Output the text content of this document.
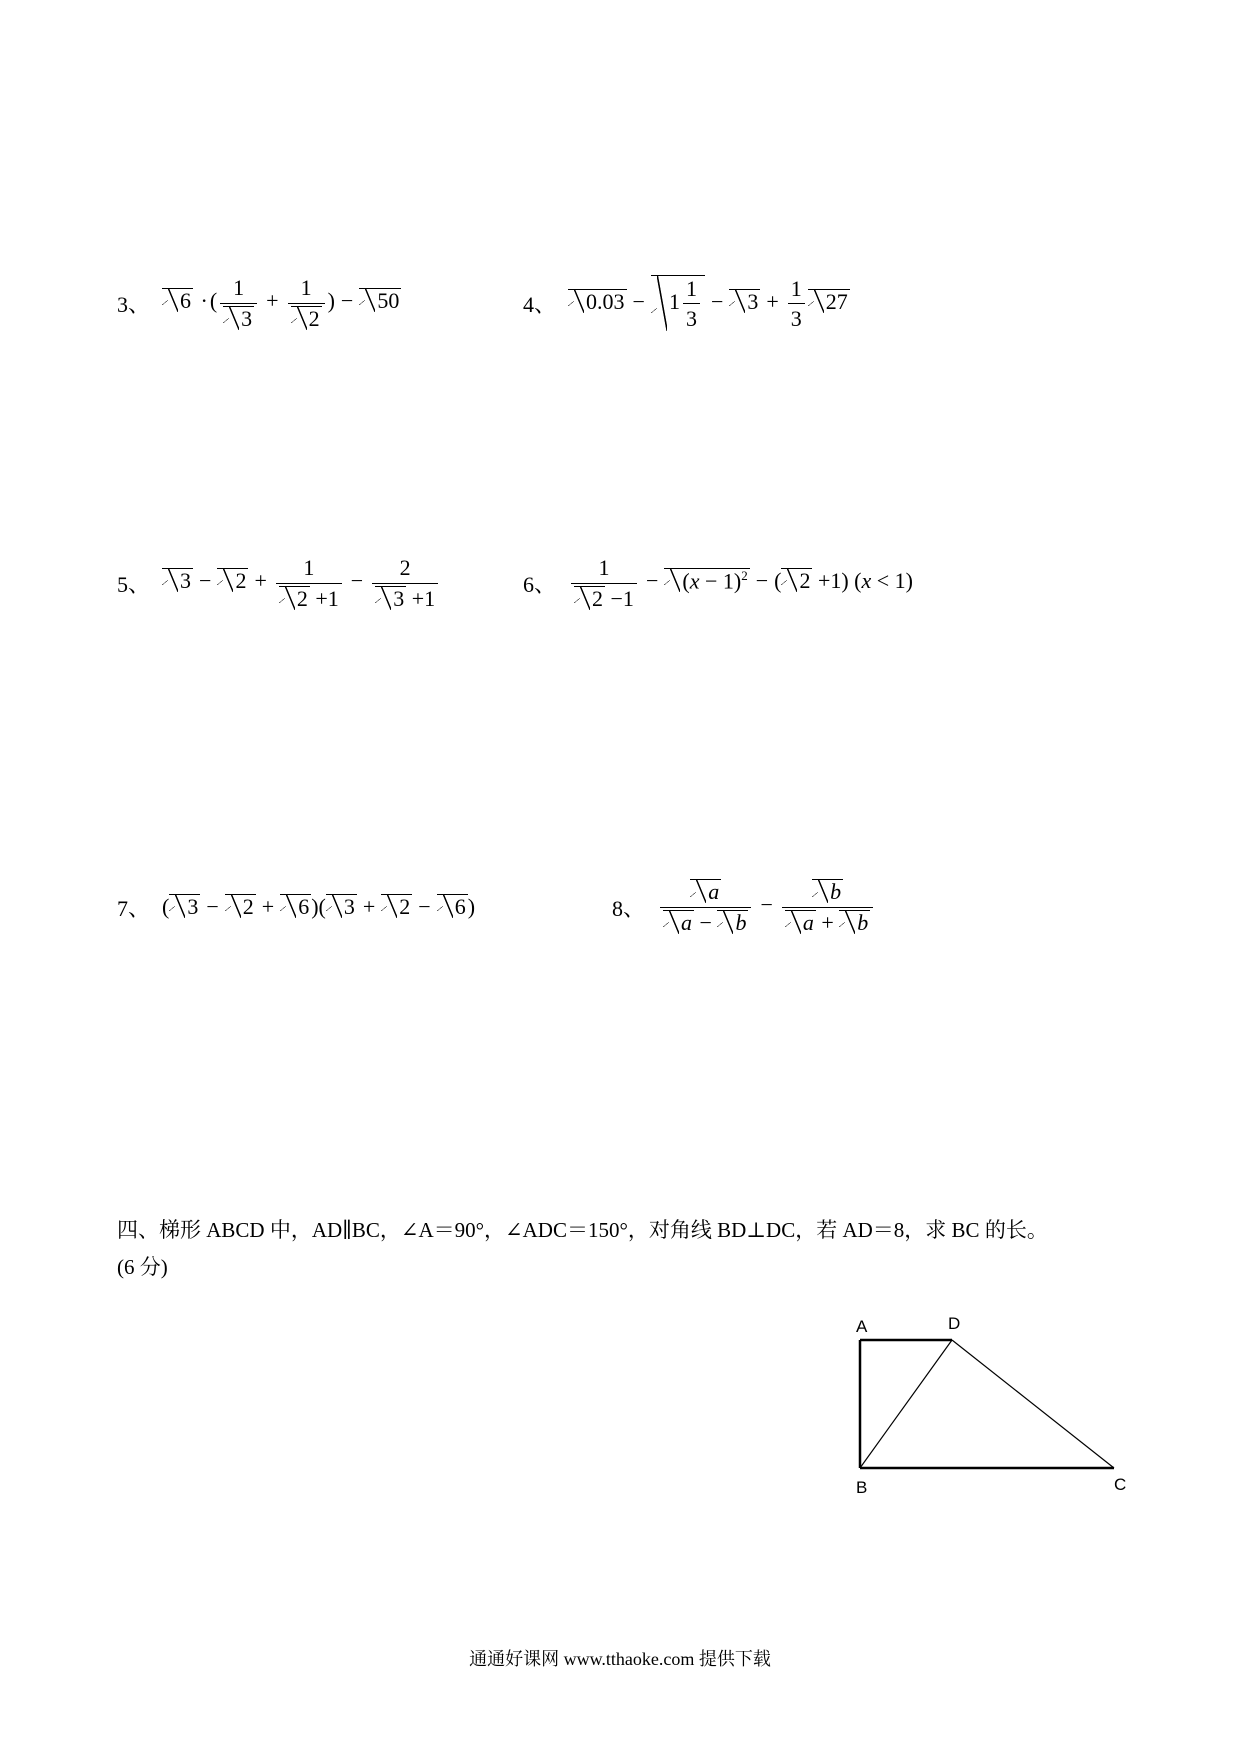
3、	6 ·( $\frac{1}{3} + \frac{1}{2}$ ) − 50	4、	$0.03 - 1 \frac{1}{3} - 3 + \frac{1}{3} 27$
5、	$3 - 2 + \frac{1}{2 +1} - \frac{2}{3 +1}$	6、 $\frac{1}{2 -1} - (x - 1)^2$ − ( 2 +1) (x < 1)
7、 ( 3 − 2 + 6)( 3 + 2 − 6)	8、 $\frac{a}{a - b} - \frac{b}{a + b}$
四、梯形 ABCD 中，AD∥BC，∠A＝90°，∠ADC＝150°，对角线 BD⊥DC，若 AD＝8，求 BC 的长。
(6 分)
A	D
B	C
通通好课网 www.tthaoke.com 提供下载
